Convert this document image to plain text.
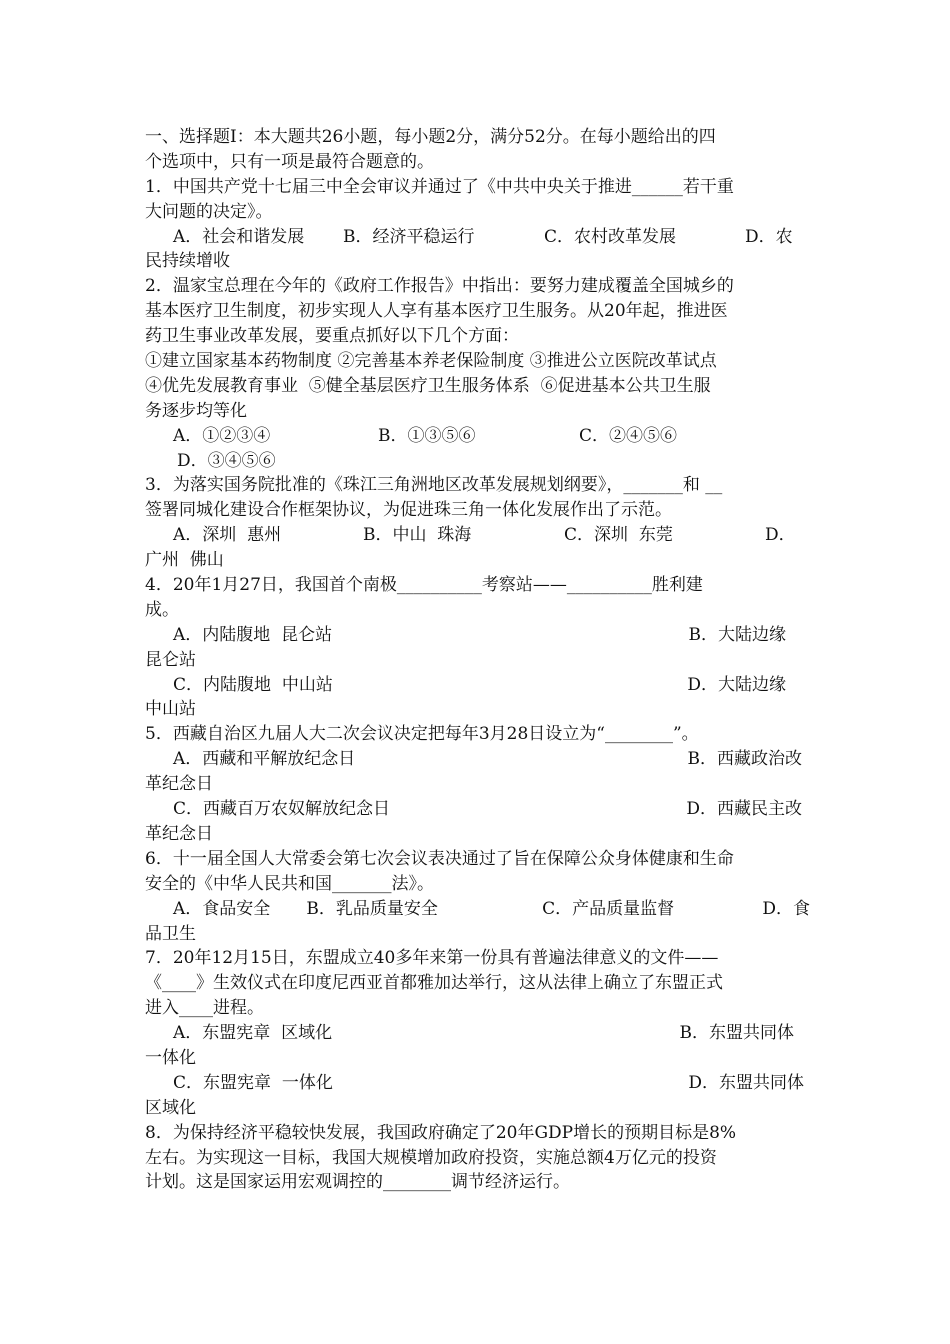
一、选择题Ⅰ：本大题共26小题，每小题2分，满分52分。在每小题给出的四
个选项中，只有一项是最符合题意的。
1．中国共产党十七届三中全会审议并通过了《中共中央关于推进______若干重
大问题的决定》。
A．社会和谐发展	B．经济平稳运行	C．农村改革发展	D．农
民持续增收
2．温家宝总理在今年的《政府工作报告》中指出：要努力建成覆盖全国城乡的
基本医疗卫生制度，初步实现人人享有基本医疗卫生服务。从20年起，推进医
药卫生事业改革发展，要重点抓好以下几个方面：
①建立国家基本药物制度 ②完善基本养老保险制度 ③推进公立医院改革试点
④优先发展教育事业  ⑤健全基层医疗卫生服务体系  ⑥促进基本公共卫生服
务逐步均等化
A．①②③④	B．①③⑤⑥	C．②④⑤⑥
D．③④⑤⑥
3．为落实国务院批准的《珠江三角洲地区改革发展规划纲要》，_______和 __
签署同城化建设合作框架协议，为促进珠三角一体化发展作出了示范。
A．深圳  惠州	B．中山  珠海	C．深圳  东莞	D．
广州  佛山
4．20年1月27日，我国首个南极__________考察站——__________胜利建
成。
A．内陆腹地  昆仑站	B．大陆边缘
昆仑站
C．内陆腹地  中山站	D．大陆边缘
中山站
5．西藏自治区九届人大二次会议决定把每年3月28日设立为“________”。
A．西藏和平解放纪念日	B．西藏政治改
革纪念日
C．西藏百万农奴解放纪念日	D．西藏民主改
革纪念日
6．十一届全国人大常委会第七次会议表决通过了旨在保障公众身体健康和生命
安全的《中华人民共和国_______法》。
A．食品安全	B．乳品质量安全	C．产品质量监督	D．食
品卫生
7．20年12月15日，东盟成立40多年来第一份具有普遍法律意义的文件——
《____》生效仪式在印度尼西亚首都雅加达举行，这从法律上确立了东盟正式
进入____进程。
A．东盟宪章  区域化	B．东盟共同体
一体化
C．东盟宪章  一体化	D．东盟共同体
区域化
8．为保持经济平稳较快发展，我国政府确定了20年GDP增长的预期目标是8%
左右。为实现这一目标，我国大规模增加政府投资，实施总额4万亿元的投资
计划。这是国家运用宏观调控的________调节经济运行。
